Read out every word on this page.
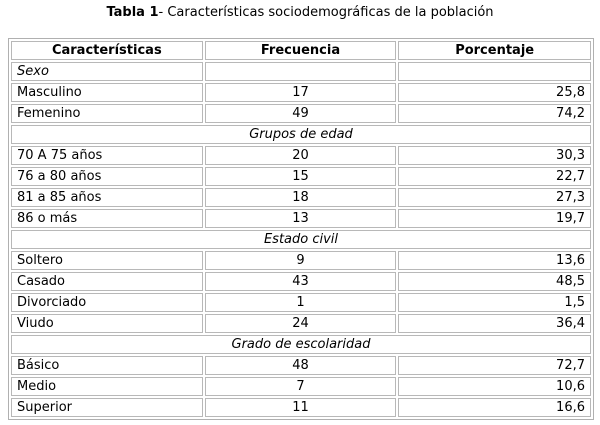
Tabla 1- Características sociodemográficas de la población
Características	Frecuencia	Porcentaje
Sexo		
Masculino	17	25,8
Femenino	49	74,2
Grupos de edad		
70 A 75 años	20	30,3
76 a 80 años	15	22,7
81 a 85 años	18	27,3
86 o más	13	19,7
Estado civil		
Soltero	9	13,6
Casado	43	48,5
Divorciado	1	1,5
Viudo	24	36,4
Grado de escolaridad		
Básico	48	72,7
Medio	7	10,6
Superior	11	16,6
